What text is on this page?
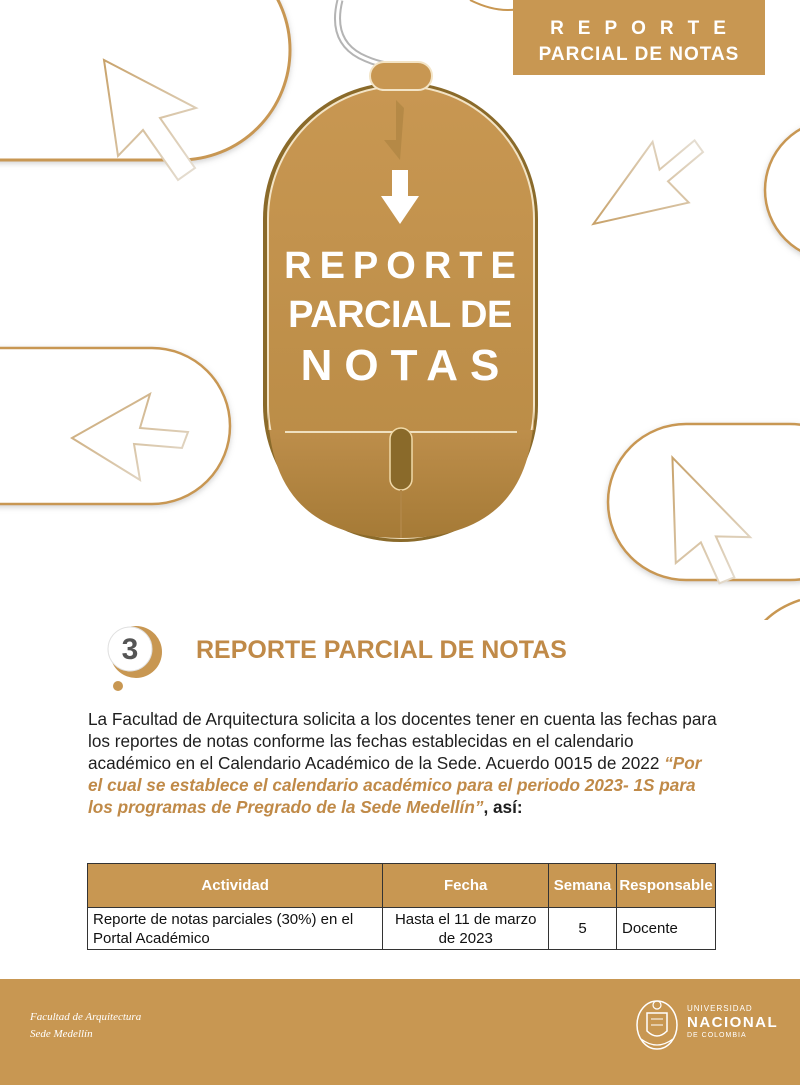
REPORTE
PARCIAL DE NOTAS
REPORTE
PARCIAL DE
NOTAS
3 REPORTE PARCIAL DE NOTAS

La Facultad de Arquitectura solicita a los docentes tener en cuenta las fechas para los reportes de notas conforme las fechas establecidas en el calendario académico en el Calendario Académico de la Sede. Acuerdo 0015 de 2022 “Por el cual se establece el calendario académico para el periodo 2023- 1S para los programas de Pregrado de la Sede Medellín”, así:

Actividad	Fecha	Semana	Responsable
Reporte de notas parciales (30%) en el Portal Académico	Hasta el 11 de marzo de 2023	5	Docente
Facultad de Arquitectura
Sede Medellín
UNIVERSIDAD
NACIONAL
DE COLOMBIA
